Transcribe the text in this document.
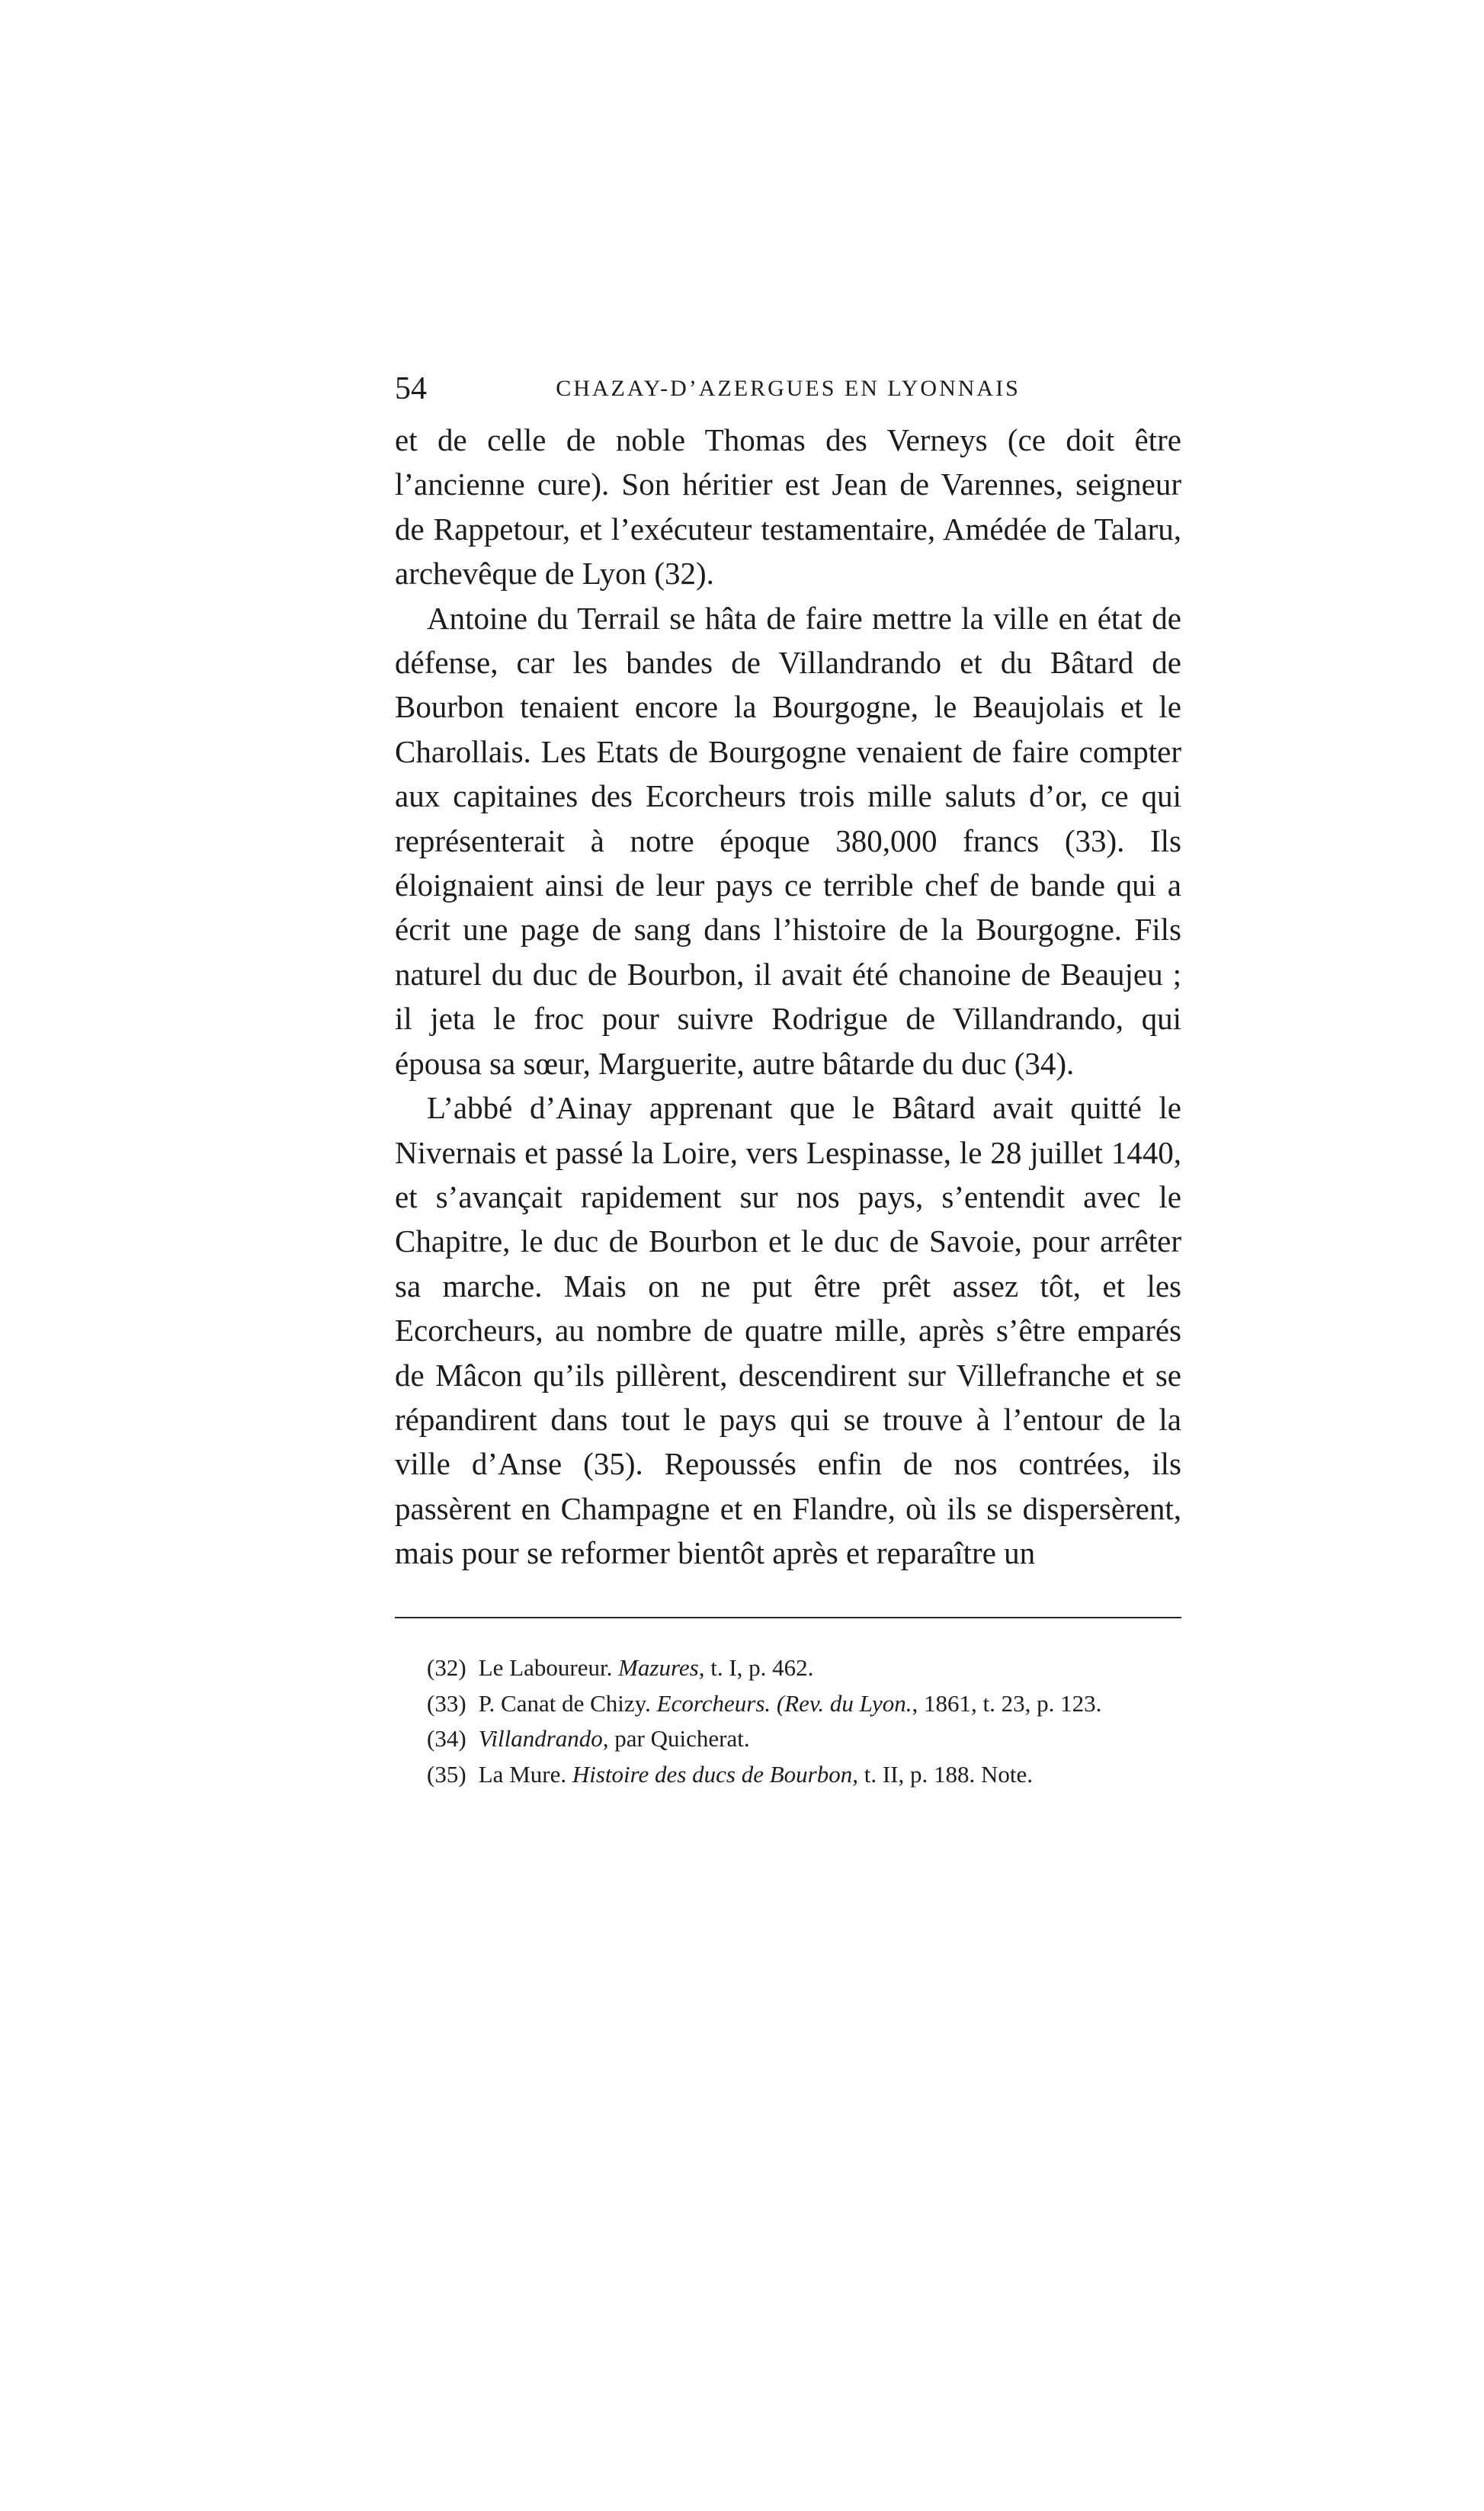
54	CHAZAY-D’AZERGUES EN LYONNAIS

et de celle de noble Thomas des Verneys (ce doit être l’ancienne cure). Son héritier est Jean de Varennes, seigneur de Rappetour, et l’exécuteur testamentaire, Amédée de Talaru, archevêque de Lyon (32).

Antoine du Terrail se hâta de faire mettre la ville en état de défense, car les bandes de Villandrando et du Bâtard de Bourbon tenaient encore la Bourgogne, le Beaujolais et le Charollais. Les Etats de Bourgogne venaient de faire compter aux capitaines des Ecorcheurs trois mille saluts d’or, ce qui représenterait à notre époque 380,000 francs (33). Ils éloignaient ainsi de leur pays ce terrible chef de bande qui a écrit une page de sang dans l’histoire de la Bourgogne. Fils naturel du duc de Bourbon, il avait été chanoine de Beaujeu ; il jeta le froc pour suivre Rodrigue de Villandrando, qui épousa sa sœur, Marguerite, autre bâtarde du duc (34).

L’abbé d’Ainay apprenant que le Bâtard avait quitté le Nivernais et passé la Loire, vers Lespinasse, le 28 juillet 1440, et s’avançait rapidement sur nos pays, s’entendit avec le Chapitre, le duc de Bourbon et le duc de Savoie, pour arrêter sa marche. Mais on ne put être prêt assez tôt, et les Ecorcheurs, au nombre de quatre mille, après s’être emparés de Mâcon qu’ils pillèrent, descendirent sur Villefranche et se répandirent dans tout le pays qui se trouve à l’entour de la ville d’Anse (35). Repoussés enfin de nos contrées, ils passèrent en Champagne et en Flandre, où ils se dispersèrent, mais pour se reformer bientôt après et reparaître un

(32) Le Laboureur. Mazures, t. I, p. 462.
(33) P. Canat de Chizy. Ecorcheurs. (Rev. du Lyon., 1861, t. 23, p. 123.
(34) Villandrando, par Quicherat.
(35) La Mure. Histoire des ducs de Bourbon, t. II, p. 188. Note.
